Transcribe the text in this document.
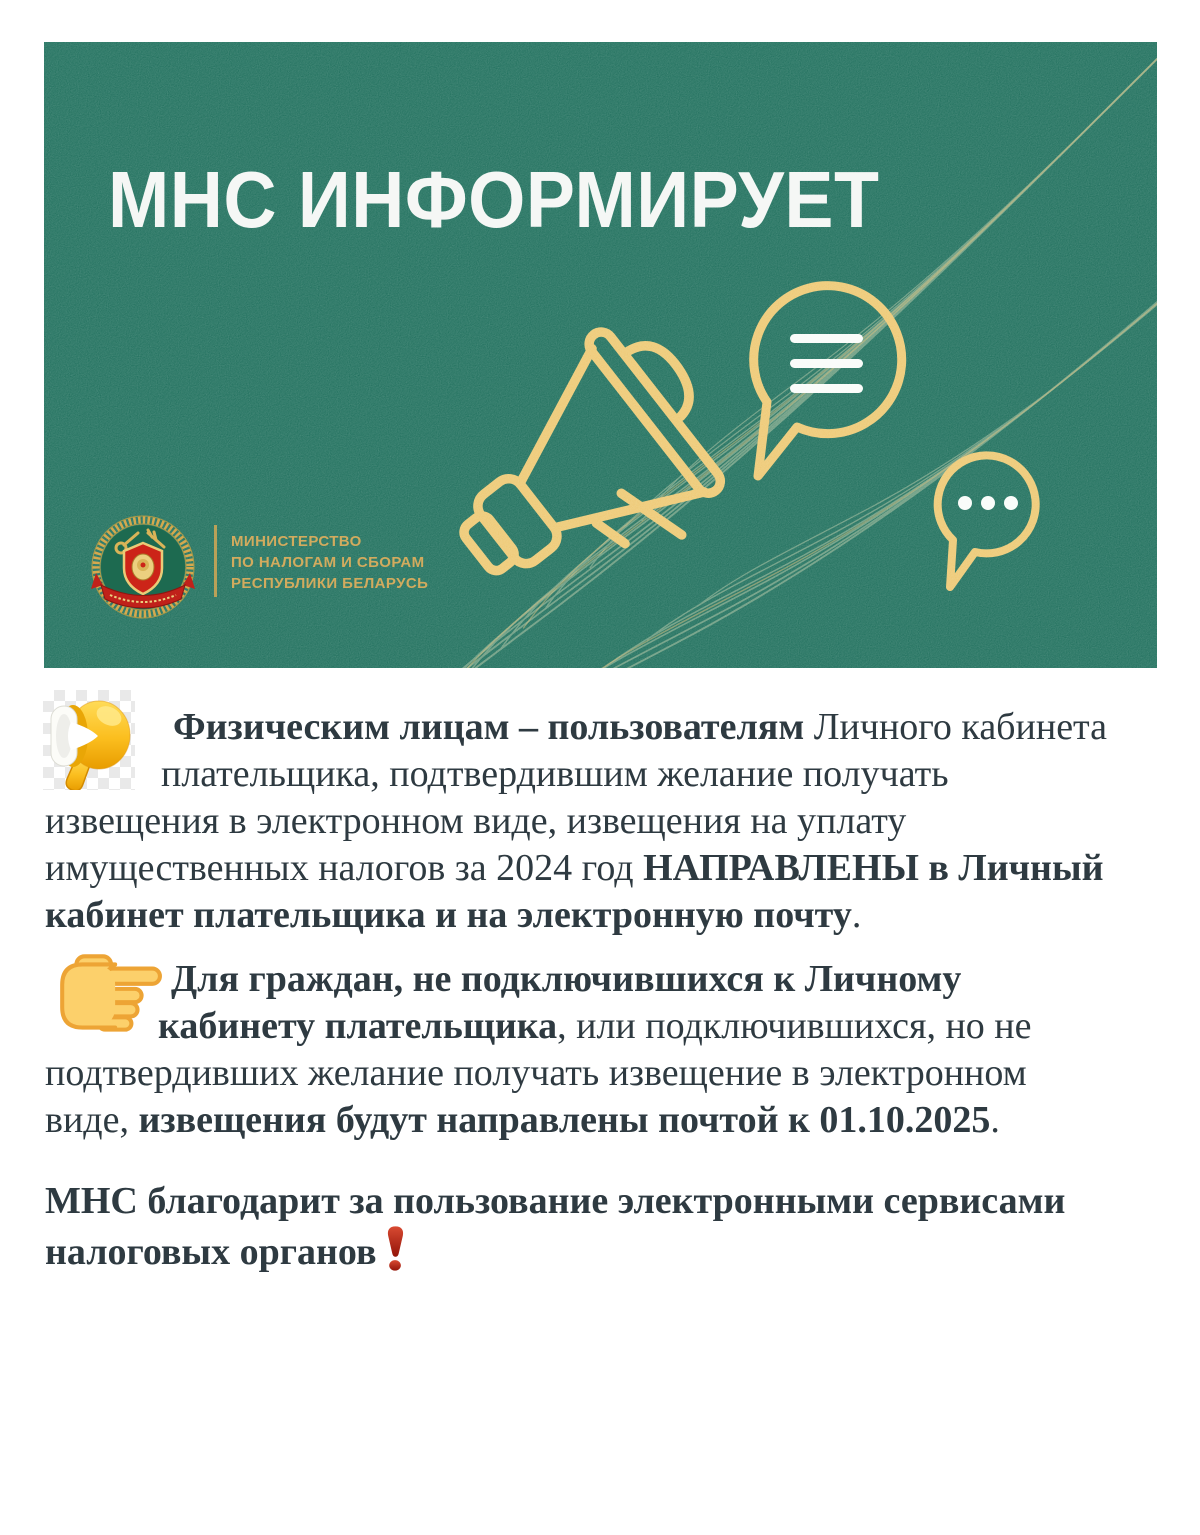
МНС ИНФОРМИРУЕТ
МИНИСТЕРСТВО
ПО НАЛОГАМ И СБОРАМ
РЕСПУБЛИКИ БЕЛАРУСЬ
Физическим лицам – пользователям Личного кабинета
плательщика, подтвердившим желание получать
извещения в электронном виде, извещения на уплату
имущественных налогов за 2024 год НАПРАВЛЕНЫ в Личный
кабинет плательщика и на электронную почту.
Для граждан, не подключившихся к Личному
кабинету плательщика, или подключившихся, но не
подтвердивших желание получать извещение в электронном
виде, извещения будут направлены почтой к 01.10.2025.
МНС благодарит за пользование электронными сервисами
налоговых органов
